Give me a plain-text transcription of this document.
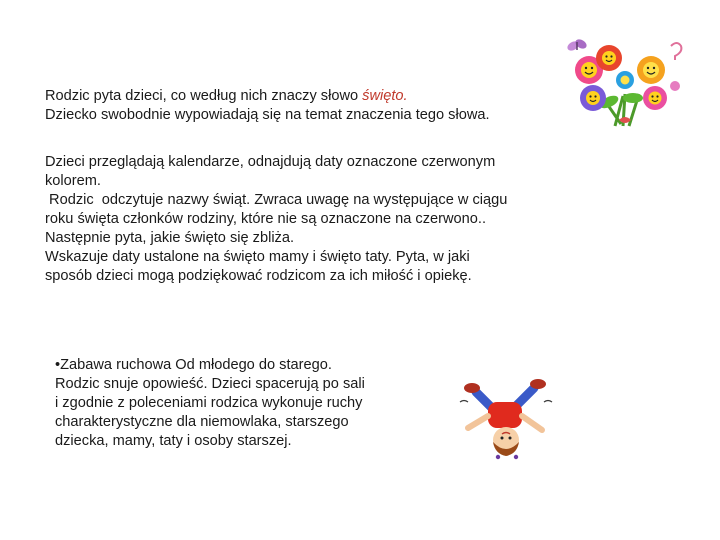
Rodzic pyta dzieci, co według nich znaczy słowo święto.
Dziecko swobodnie wypowiadają się na temat znaczenia tego słowa.
Dzieci przeglądają kalendarze, odnajdują daty oznaczone czerwonym
kolorem.
Rodzic  odczytuje nazwy świąt. Zwraca uwagę na występujące w ciągu
roku święta członków rodziny, które nie są oznaczone na czerwono..
Następnie pyta, jakie święto się zbliża.
Wskazuje daty ustalone na święto mamy i święto taty. Pyta, w jaki
sposób dzieci mogą podziękować rodzicom za ich miłość i opiekę.
•Zabawa ruchowa Od młodego do starego.
Rodzic snuje opowieść. Dzieci spacerują po sali
i zgodnie z poleceniami rodzica wykonuje ruchy
charakterystyczne dla niemowlaka, starszego
dziecka, mamy, taty i osoby starszej.
